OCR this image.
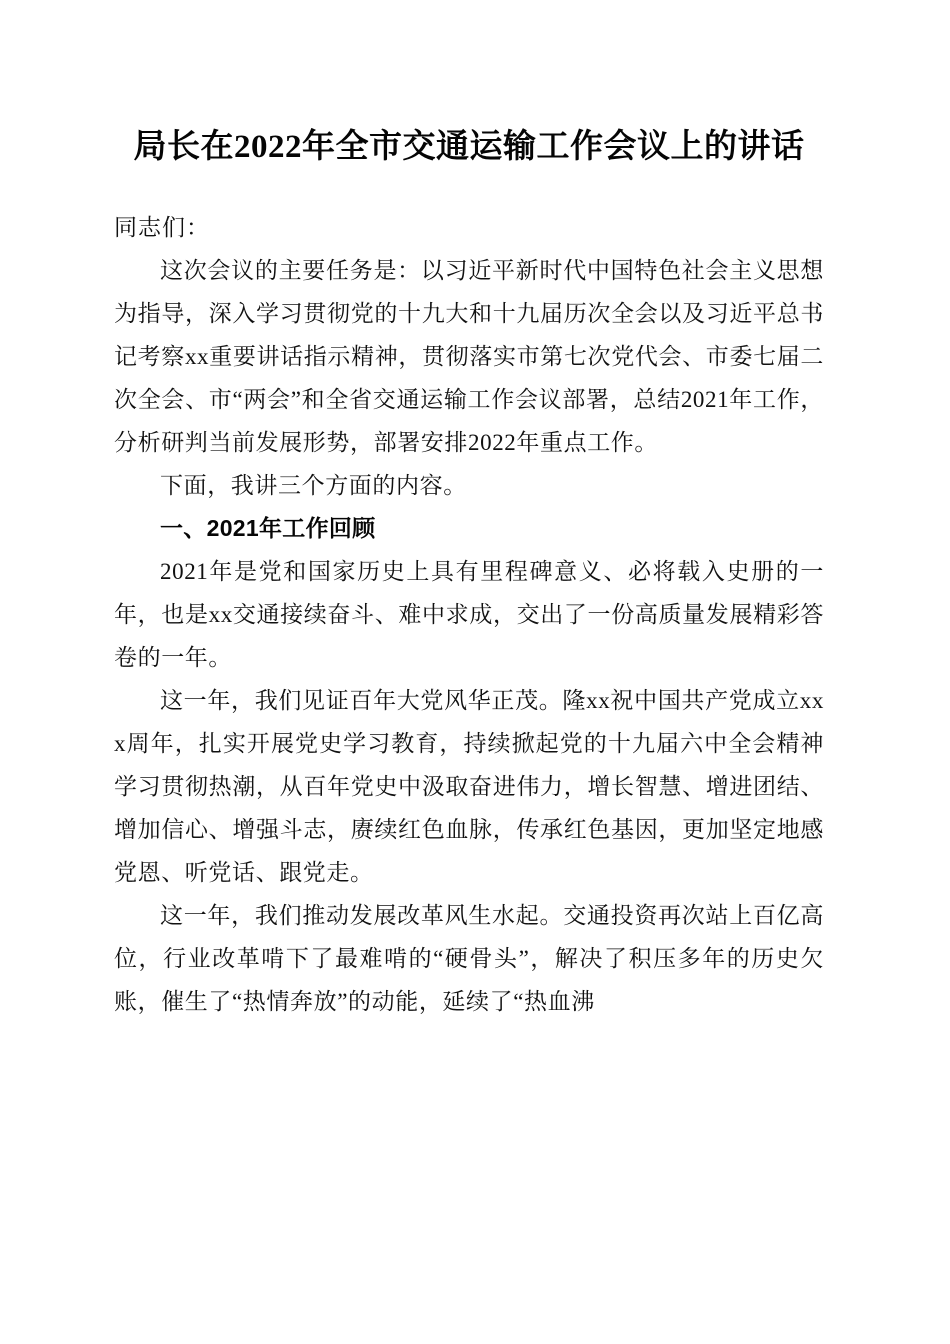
局长在2022年全市交通运输工作会议上的讲话

同志们：

这次会议的主要任务是：以习近平新时代中国特色社会主义思想为指导，深入学习贯彻党的十九大和十九届历次全会以及习近平总书记考察xx重要讲话指示精神，贯彻落实市第七次党代会、市委七届二次全会、市“两会”和全省交通运输工作会议部署，总结2021年工作，分析研判当前发展形势，部署安排2022年重点工作。

下面，我讲三个方面的内容。

一、2021年工作回顾

2021年是党和国家历史上具有里程碑意义、必将载入史册的一年，也是xx交通接续奋斗、难中求成，交出了一份高质量发展精彩答卷的一年。

这一年，我们见证百年大党风华正茂。隆xx祝中国共产党成立xxx周年，扎实开展党史学习教育，持续掀起党的十九届六中全会精神学习贯彻热潮，从百年党史中汲取奋进伟力，增长智慧、增进团结、增加信心、增强斗志，赓续红色血脉，传承红色基因，更加坚定地感党恩、听党话、跟党走。

这一年，我们推动发展改革风生水起。交通投资再次站上百亿高位，行业改革啃下了最难啃的“硬骨头”，解决了积压多年的历史欠账，催生了“热情奔放”的动能，延续了“热血沸
